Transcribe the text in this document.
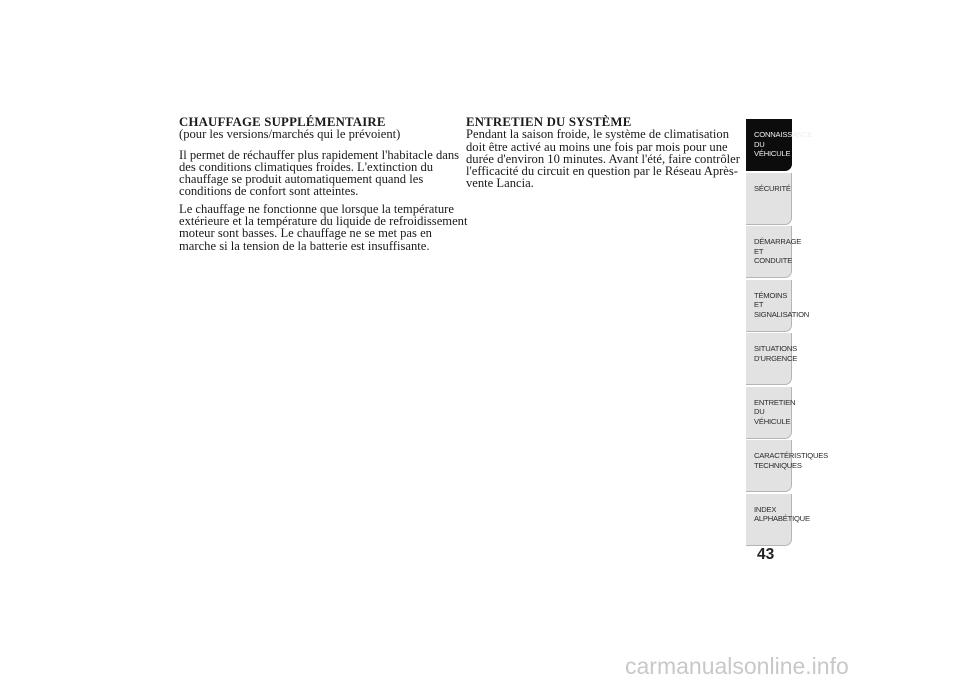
CHAUFFAGE SUPPLÉMENTAIRE

(pour les versions/marchés qui le prévoient)

Il permet de réchauffer plus rapidement l'habitacle dans des conditions climatiques froides. L'extinction du chauffage se produit automatiquement quand les conditions de confort sont atteintes.

Le chauffage ne fonctionne que lorsque la température extérieure et la température du liquide de refroidissement moteur sont basses. Le chauffage ne se met pas en marche si la tension de la batterie est insuffisante.

ENTRETIEN DU SYSTÈME

Pendant la saison froide, le système de climatisation doit être activé au moins une fois par mois pour une durée d'environ 10 minutes. Avant l'été, faire contrôler l'efficacité du circuit en question par le Réseau Après-vente Lancia.

CONNAISSANCE DU
VÉHICULE
SÉCURITÉ
DÉMARRAGE ET
CONDUITE
TÉMOINS ET
SIGNALISATION
SITUATIONS
D'URGENCE
ENTRETIEN DU
VÉHICULE
CARACTÉRISTIQUES
TECHNIQUES
INDEX
ALPHABÉTIQUE
43
carmanualsonline.info
